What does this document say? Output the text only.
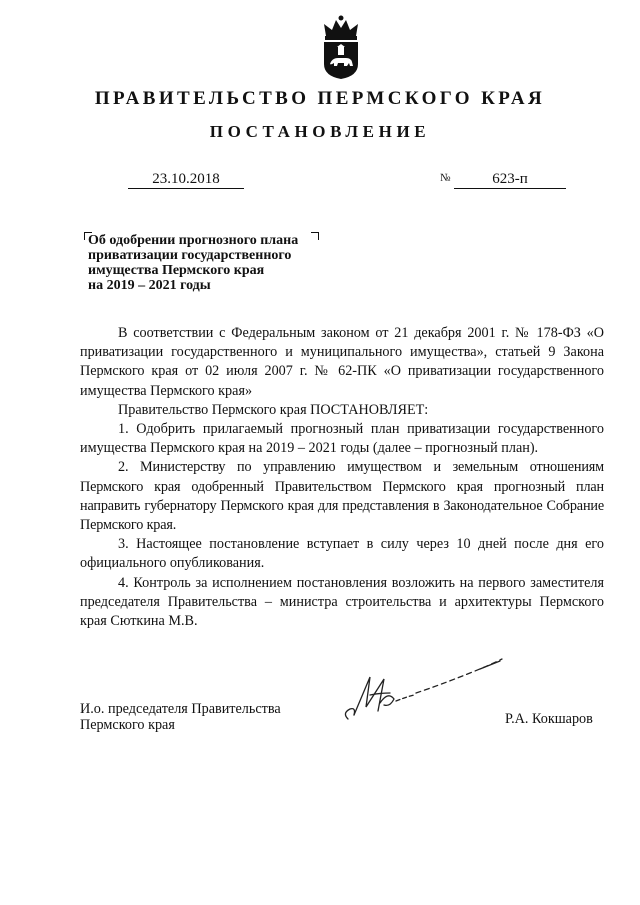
ПРАВИТЕЛЬСТВО ПЕРМСКОГО КРАЯ
ПОСТАНОВЛЕНИЕ
23.10.2018	№	623-п
Об одобрении прогнозного плана
приватизации государственного
имущества Пермского края
на 2019 – 2021 годы

В соответствии с Федеральным законом от 21 декабря 2001 г. № 178-ФЗ «О приватизации государственного и муниципального имущества», статьей 9 Закона Пермского края от 02 июля 2007 г. № 62-ПК «О приватизации государственного имущества Пермского края»

Правительство Пермского края ПОСТАНОВЛЯЕТ:

1. Одобрить прилагаемый прогнозный план приватизации государственного имущества Пермского края на 2019 – 2021 годы (далее – прогнозный план).

2. Министерству по управлению имуществом и земельным отношениям Пермского края одобренный Правительством Пермского края прогнозный план направить губернатору Пермского края для представления в Законодательное Собрание Пермского края.

3. Настоящее постановление вступает в силу через 10 дней после дня его официального опубликования.

4. Контроль за исполнением постановления возложить на первого заместителя председателя Правительства – министра строительства и архитектуры Пермского края Сюткина М.В.

И.о. председателя Правительства
Пермского края	Р.А. Кокшаров
